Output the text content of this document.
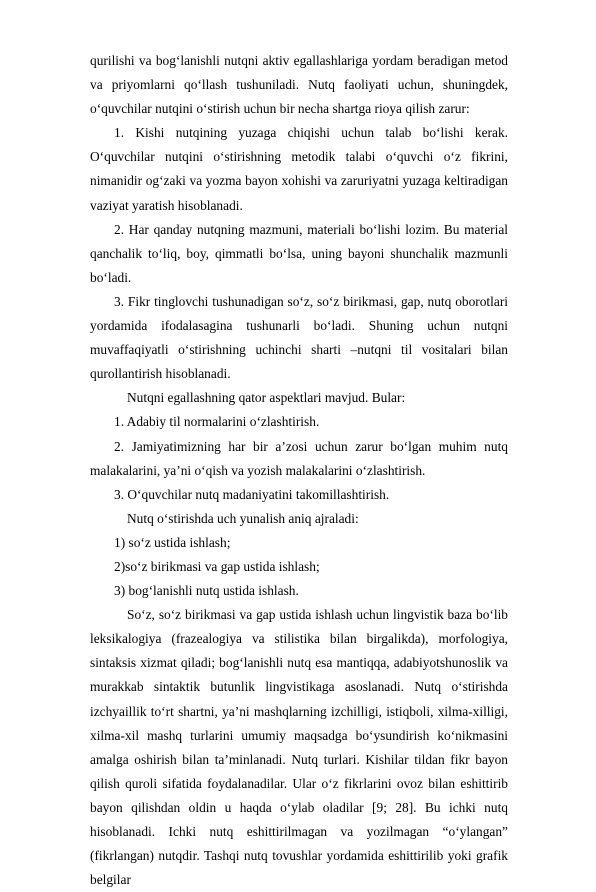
qurilishi va bog‘lanishli nutqni aktiv egallashlariga yordam beradigan metod va priyomlarni qo‘llash tushuniladi. Nutq faoliyati uchun, shuningdek, o‘quvchilar nutqini o‘stirish uchun bir necha shartga rioya qilish zarur:

1. Kishi nutqining yuzaga chiqishi uchun talab bo‘lishi kerak. O‘quvchilar nutqini o‘stirishning metodik talabi o‘quvchi o‘z fikrini, nimanidir og‘zaki va yozma bayon xohishi va zaruriyatni yuzaga keltiradigan vaziyat yaratish hisoblanadi.

2. Har qanday nutqning mazmuni, materiali bo‘lishi lozim. Bu material qanchalik to‘liq, boy, qimmatli bo‘lsa, uning bayoni shunchalik mazmunli bo‘ladi.

3. Fikr tinglovchi tushunadigan so‘z, so‘z birikmasi, gap, nutq oborotlari yordamida ifodalasagina tushunarli bo‘ladi. Shuning uchun nutqni muvaffaqiyatli o‘stirishning uchinchi sharti –nutqni til vositalari bilan qurollantirish hisoblanadi.

Nutqni egallashning qator aspektlari mavjud. Bular:

1. Adabiy til normalarini o‘zlashtirish.

2. Jamiyatimizning har bir a’zosi uchun zarur bo‘lgan muhim nutq malakalarini, ya’ni o‘qish va yozish malakalarini o‘zlashtirish.

3. O‘quvchilar nutq madaniyatini takomillashtirish.

Nutq o‘stirishda uch yunalish aniq ajraladi:

1) so‘z ustida ishlash;

2)so‘z birikmasi va gap ustida ishlash;

3) bog‘lanishli nutq ustida ishlash.

So‘z, so‘z birikmasi va gap ustida ishlash uchun lingvistik baza bo‘lib leksikalogiya (frazealogiya va stilistika bilan birgalikda), morfologiya, sintaksis xizmat qiladi; bog‘lanishli nutq esa mantiqqa, adabiyotshunoslik va murakkab sintaktik butunlik lingvistikaga asoslanadi. Nutq o‘stirishda izchyaillik to‘rt shartni, ya’ni mashqlarning izchilligi, istiqboli, xilma-xilligi, xilma-xil mashq turlarini umumiy maqsadga bo‘ysundirish ko‘nikmasini amalga oshirish bilan ta’minlanadi. Nutq turlari. Kishilar tildan fikr bayon qilish quroli sifatida foydalanadilar. Ular o‘z fikrlarini ovoz bilan eshittirib bayon qilishdan oldin u haqda o‘ylab oladilar [9; 28]. Bu ichki nutq hisoblanadi. Ichki nutq eshittirilmagan va yozilmagan “o‘ylangan” (fikrlangan) nutqdir. Tashqi nutq tovushlar yordamida eshittirilib yoki grafik belgilar
